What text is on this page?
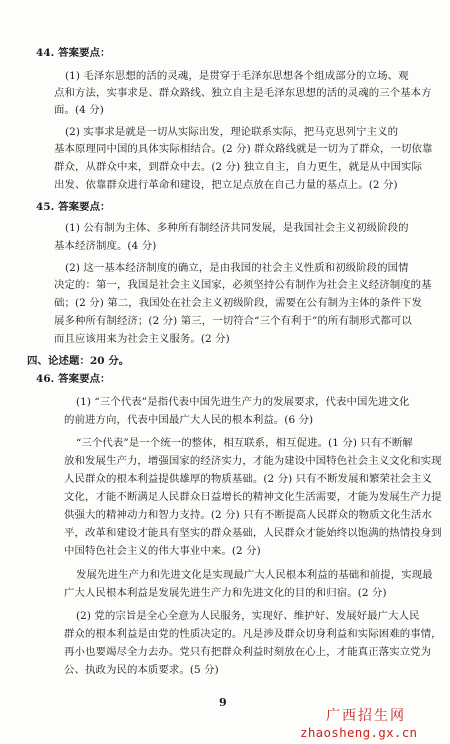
44. 答案要点：
(1) 毛泽东思想的活的灵魂，是贯穿于毛泽东思想各个组成部分的立场、观
点和方法，实事求是、群众路线、独立自主是毛泽东思想的活的灵魂的三个基本方
面。(4 分)
(2) 实事求是就是一切从实际出发，理论联系实际，把马克思列宁主义的
基本原理同中国的具体实际相结合。(2 分) 群众路线就是一切为了群众，一切依靠
群众，从群众中来，到群众中去。(2 分) 独立自主，自力更生，就是从中国实际
出发、依靠群众进行革命和建设，把立足点放在自己力量的基点上。(2 分)
45. 答案要点：
(1) 公有制为主体、多种所有制经济共同发展，是我国社会主义初级阶段的
基本经济制度。(4 分)
(2) 这一基本经济制度的确立，是由我国的社会主义性质和初级阶段的国情
决定的：第一，我国是社会主义国家，必须坚持公有制作为社会主义经济制度的基
础；(2 分) 第二，我国处在社会主义初级阶段，需要在公有制为主体的条件下发
展多种所有制经济；(2 分) 第三，一切符合“三个有利于”的所有制形式都可以
而且应该用来为社会主义服务。(2 分)
四、论述题：20 分。
46. 答案要点：
(1) “三个代表”是指代表中国先进生产力的发展要求，代表中国先进文化
的前进方向，代表中国最广大人民的根本利益。(6 分)
“三个代表”是一个统一的整体，相互联系，相互促进。(1 分) 只有不断解
放和发展生产力，增强国家的经济实力，才能为建设中国特色社会主义文化和实现
人民群众的根本利益提供雄厚的物质基础。(2 分) 只有不断发展和繁荣社会主义
文化，才能不断满足人民群众日益增长的精神文化生活需要，才能为发展生产力提
供强大的精神动力和智力支持。(2 分) 只有不断提高人民群众的物质文化生活水
平，改革和建设才能具有坚实的群众基础，人民群众才能始终以饱满的热情投身到
中国特色社会主义的伟大事业中来。(2 分)
发展先进生产力和先进文化是实现最广大人民根本利益的基础和前提，实现最
广大人民根本利益是发展先进生产力和先进文化的目的和归宿。(2 分)
(2) 党的宗旨是全心全意为人民服务，实现好、维护好、发展好最广大人民
群众的根本利益是由党的性质决定的。凡是涉及群众切身利益和实际困难的事情，
再小也要竭尽全力去办。党只有把群众利益时刻放在心上，才能真正落实立党为
公、执政为民的本质要求。(5 分)
9
广西招生网
zhaosheng.gx.cn
